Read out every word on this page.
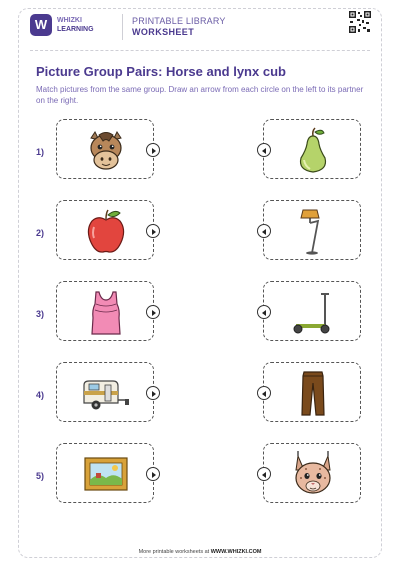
W	WHIZKI
LEARNING
PRINTABLE LIBRARY
WORKSHEET
Picture Group Pairs: Horse and lynx cub
Match pictures from the same group. Draw an arrow from each circle on the left to its partner on the right.
1)
2)
3)
4)
5)
More printable worksheets at WWW.WHIZKI.COM
